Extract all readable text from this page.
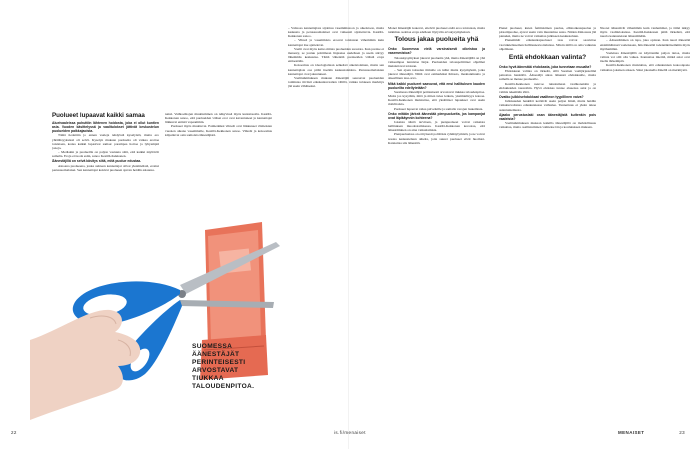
Puolueet lupaavat kaikki samaa

Alueivaaleissa puhuttiin lähtenen hoidosta, joka ei ollut kuntien asia. Vuoden käsittelyssä ja vaalitulokset jättivät keskustelun puolueiden paikkajaoista.

Tämä tiedettiin jo ennen vaaleja tehdyistä kyselyistä, mutta ero yhtäläisyyksissä oli selvä. Kyselyn mukaan puolueita oli vaikea erottaa toisistaan, koska kaikki lupasivat samaa: parempaa hoitoa ja lyhyempiä jonoja.

– Mediakin ja puolueilla on paljon vastuuta siitä, että kaikki näyttävät samalta. Eroja ei tuoda esiin, sanoo Kestilä-Kekkonen.

Äänestäjillä on selvä käsitys siitä, mitä puolue edustaa.

Ainoana puolueena, jonka suhteen kannattajat olivat yksimielisiä, erottui perussuomalaiset. Sen kannattajat kokivat puolueen ajavan heidän asiaansa.

naisä. Vaihtoehtojen muuttuminen on näkyvissä myös kuntatasolla. Kestilä-Kekkonen sanoo, että puolueiden väliset erot ovat kaventuneet ja kannattajat liikkuvat entistä vapaammin.

Puolueet myös muuttuvat. Esimerkiksi vihreät ovat liikkuneet viimeisten vuosien aikana vasemmalle, Kestilä-Kekkonen sanoo. Vihreät ja kokoomus kilpailevat osin samoista äänestäjistä.

SUOMESSA
ÄÄNESTÄJÄT
PERINTEISESTI
ARVOSTAVAT
TIUKKAA
TALOUDENPITOA.

– Valtaosa kannattajista sijoittuu vasemmistoon ja oikeistoon, mutta keskusta ja perussuomalaiset ovat vaikeasti sijoitettavia. Kestilä-Kekkonen sanoo.

– Vihreä ja vasemmisto eroavat toisistaan vähemmän kuin kannattajat itse ajattelevat.

Vaalit ovat myös keino mitata puolueiden suosiota. Kun puolue ei menesty, se joutuu pohtimaan linjaansa uudelleen ja usein siirtyy lähemmäs keskustaa. Tämä vähentää puolueiden välisiä eroja entisestään.

Kokoomus on ideologialtaan selkeästi oikeistolainen, mutta sen kannattajista osa pitää itseään keskustalaisina. Perussuomalaisten kannattajat ovat jakautuneet.

Vaalitutkimuksen mukaan äänestäjät seuraavat puolueiden toimintaa tiiviisti eduskuntavaalien välillä, vaikka tuloksen merkitys jää usein vähäiseksi.

Monet äänestäjät kokevat, etteivät puolueet enää eroa toisistaan, mutta tutkimus osoittaa eroja edelleen löytyvän arvokysymyksissä.

Tolous jakaa puolueita yhä

Onko Suomessa vielä varsinaisesti oikeistoa ja vasemmistoa?

Talouskysymykset jakavat puolueita yhä, mutta äänestäjillä on yhä vaikeampaa tunnistaa linjat. Puolueiden talouspoliittiset ohjelmat muistuttavat toisiaan.

– Sen ajaan talouden tiimalle on tullut muita kysymyksiä, jotka jakavat äänestäjiä. Näitä ovat esimerkiksi ilmasto, maahanmuutto ja alueellinen tasa-arvo.

Mikä kaikki puolueet saavuvat, että ensi hallituksen kauden puolueilta edellytetään?

Suomessa äänestäjät perinteisesti arvostavat tiukkaa taloudenpitoa. Mutta jos kysytään, mitä ja miten tulee leikata, yksimielisyys katoaa. Kestilä-Kekkonen muistuttaa, että yksittäiset lupaukset ovat usein ristiriitaisia.

Puolueet lupaavat rahaa palveluille ja samalla verojen laskemista.

Onko mitään järkeä äänestää pienpuolueita, jos kampanjat ovat läpikäynnin kohteena?

Jokaista ääntä tarvitaan, ja pienpuolueet voivat ratkaista hallituksen muodostamisessa. Kestilä-Kekkonen korostaa, että äänestäminen on aina vaikuttamista.

Pienpuolueissa on erityisesti poliittista ryhmäytymistä, ja ne voivat nostaa keskusteluun aiheita, joita suuret puolueet eivät huomioi. Kannattaa siis äänestää.

Pienet puolueet, kuten feministinen puolue, eläinoikeuspuolue ja piraattipuolue, ajavat usein vain muutamaa asiaa. Niiden ääniosuus jää pieneksi, mutta ne voivat vaikuttaa julkiseen keskusteluun.

Pienemmät eduskuntapuolueet taas voivat saavuttaa vaa'ankieliaseman hallitusneuvotteluissa. Silloin niillä on oma vaikutus ohjelmaan.

Entä ehdokkaan valinta?

Onko hyvä äänestää ehdokasta, joka tunnetaan muualta?

Ehdokkaan valinta on tärkeää, sillä Suomen vaalijärjestelmä painottaa henkilöä. Äänestäjä antaa äänensä ehdokkaalle, mutta samalla se menee puolueelle.

Kestilä-Kekkonen neuvoo tutustumaan vaalikoneisiin ja ehdokkaiden taustoihin. Hyvä ehdokas tuntee alueensa asiat ja on valmis tekemään töitä.

Ovatko julkkisehdokkaat vaaliteon tyypillinen vaiva?

Julkisuuden henkilöt keräävät usein paljon ääniä, mutta heidän vaikutusvaltansa eduskunnassa vaihtelee. Tunnettuus ei yksin takaa asiantuntemusta.

Ajaako perustuslaki osan äänestäjistä kuitenkin pois vaaleista?

Vaalitutkimuksen mukaan kaikilla äänestäjillä on mahdollisuus vaikuttaa, mutta osallistuminen vaihtelee iän ja koulutuksen mukaan.

Nuoret äänestävät vähemmän kuin vanhemmat, ja tämä näkyy myös vaalituloksissa. Kestilä-Kekkonen pitää tärkeänä, että nuoria kannustetaan äänestämään.

– Äänestäminen on tapa, joka opitaan. Kun nuori äänestää ensimmäisissä vaaleissaan, hän äänestää todennäköisemmin myös myöhemmin.

Vaaleissa äänestäjällä on käytössään paljon tietoa, mutta valinta voi silti olla vaikea. Kannattaa miettiä, mitkä asiat ovat itselle tärkeimpiä.

Kestilä-Kekkonen muistuttaa, että eduskunnan kokoonpano vaikuttaa jokaisen arkeen. Siksi jokaisella äänellä on merkitystä.

22	is.fi/menaiset	MENAISET	23
